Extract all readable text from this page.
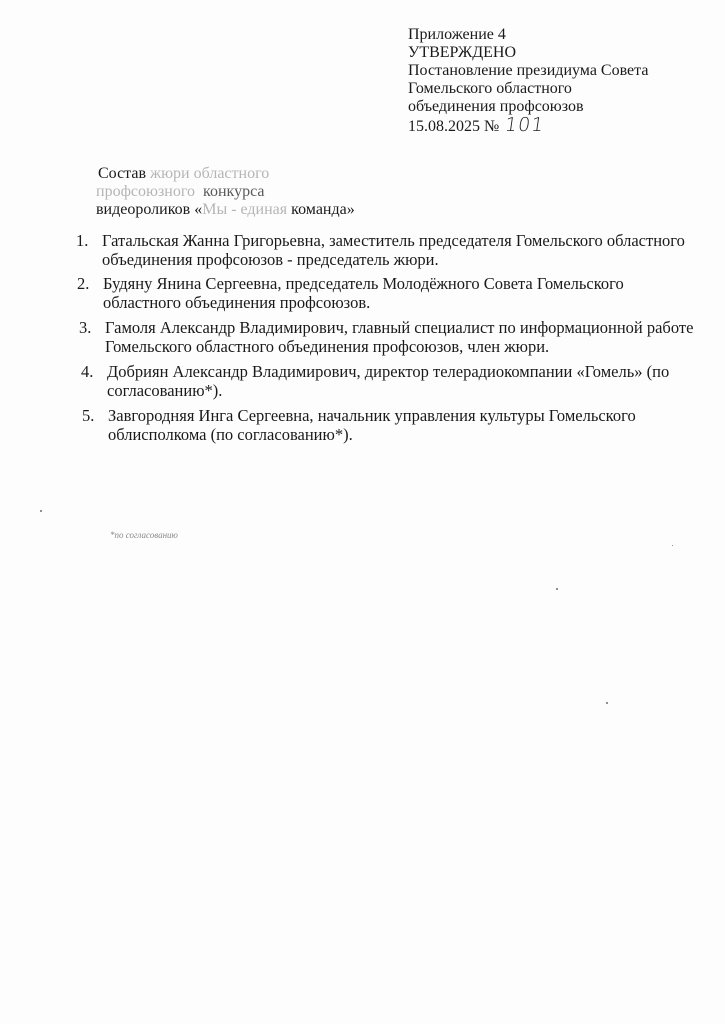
Приложение 4
УТВЕРЖДЕНО
Постановление президиума Совета
Гомельского областного
объединения профсоюзов
15.08.2025 № 101
Состав жюри областного
профсоюзного конкурса
видеороликов «Мы - единая команда»
1. Гатальская Жанна Григорьевна, заместитель председателя Гомельского областного объединения профсоюзов - председатель жюри.
2. Будяну Янина Сергеевна, председатель Молодёжного Совета Гомельского областного объединения профсоюзов.
3. Гамоля Александр Владимирович, главный специалист по информационной работе Гомельского областного объединения профсоюзов, член жюри.
4. Добриян Александр Владимирович, директор телерадиокомпании «Гомель» (по согласованию*).
5. Завгородняя Инга Сергеевна, начальник управления культуры Гомельского облисполкома (по согласованию*).
*по согласованию
